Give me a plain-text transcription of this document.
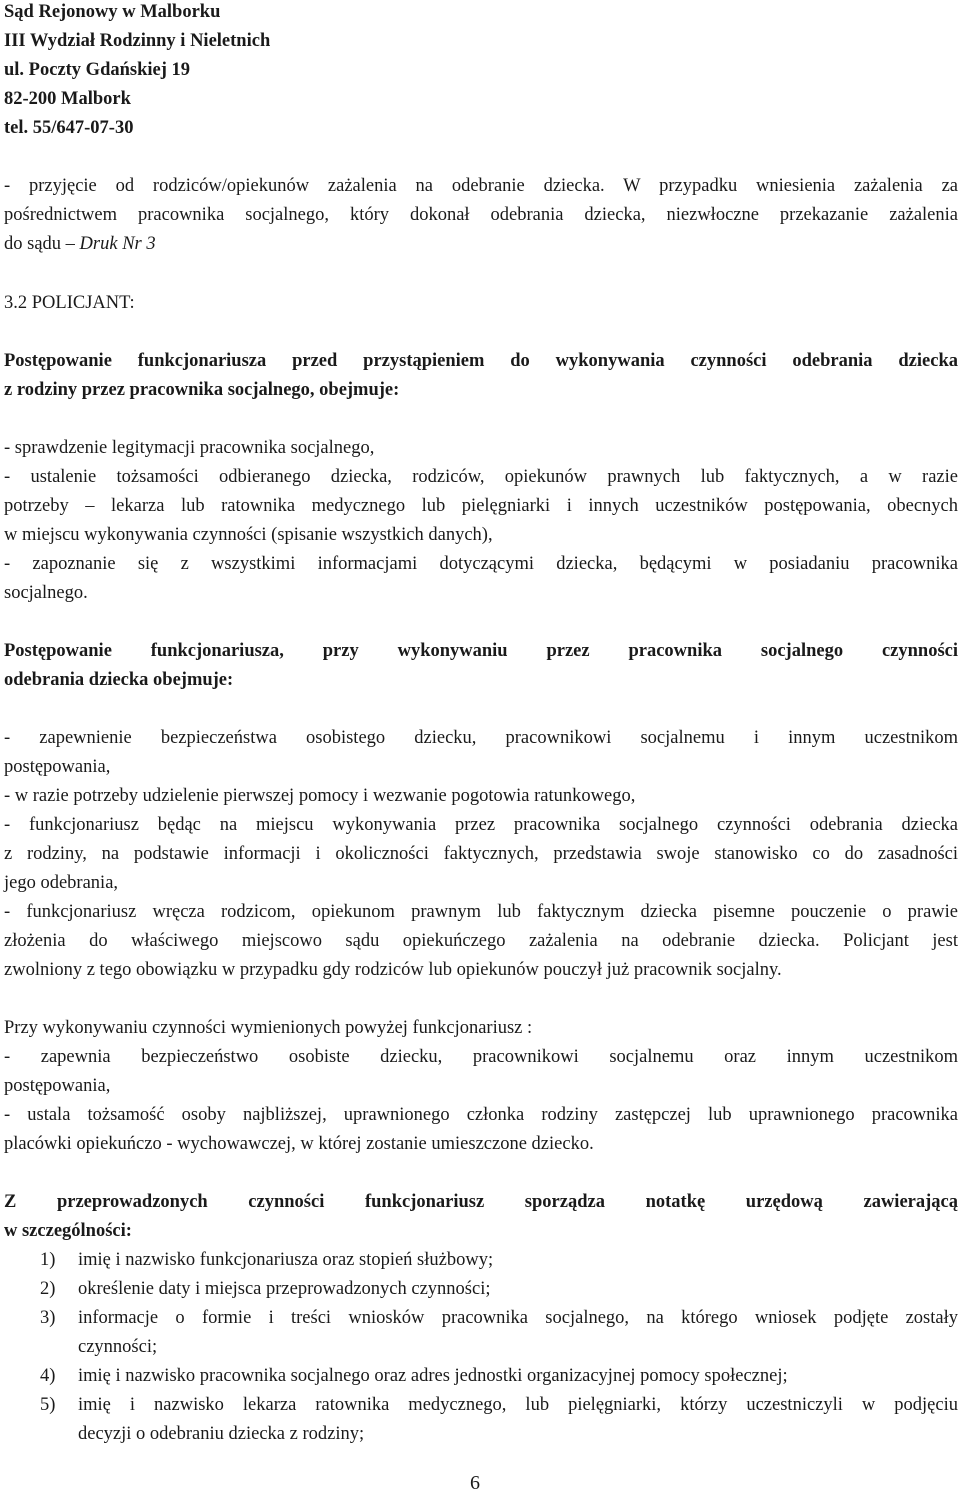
Sąd Rejonowy w Malborku
III Wydział Rodzinny i Nieletnich
ul. Poczty Gdańskiej 19
82-200 Malbork
tel. 55/647-07-30
- przyjęcie od rodziców/opiekunów zażalenia na odebranie dziecka. W przypadku wniesienia zażalenia za
pośrednictwem pracownika socjalnego, który dokonał odebrania dziecka, niezwłoczne przekazanie zażalenia
do sądu – Druk Nr 3
3.2 POLICJANT:
Postępowanie funkcjonariusza przed przystąpieniem do wykonywania czynności odebrania dziecka
z rodziny przez pracownika socjalnego, obejmuje:
- sprawdzenie legitymacji pracownika socjalnego,
- ustalenie tożsamości odbieranego dziecka, rodziców, opiekunów prawnych lub faktycznych, a w razie
potrzeby – lekarza lub ratownika medycznego lub pielęgniarki i innych uczestników postępowania, obecnych
w miejscu wykonywania czynności (spisanie wszystkich danych),
- zapoznanie się z wszystkimi informacjami dotyczącymi dziecka, będącymi w posiadaniu pracownika
socjalnego.
Postępowanie funkcjonariusza, przy wykonywaniu przez pracownika socjalnego czynności
odebrania dziecka obejmuje:
- zapewnienie bezpieczeństwa osobistego dziecku, pracownikowi socjalnemu i innym uczestnikom
postępowania,
- w razie potrzeby udzielenie pierwszej pomocy i wezwanie pogotowia ratunkowego,
- funkcjonariusz będąc na miejscu wykonywania przez pracownika socjalnego czynności odebrania dziecka
z rodziny, na podstawie informacji i okoliczności faktycznych, przedstawia swoje stanowisko co do zasadności
jego odebrania,
- funkcjonariusz wręcza rodzicom, opiekunom prawnym lub faktycznym dziecka pisemne pouczenie o prawie
złożenia do właściwego miejscowo sądu opiekuńczego zażalenia na odebranie dziecka. Policjant jest
zwolniony z tego obowiązku w przypadku gdy rodziców lub opiekunów pouczył już pracownik socjalny.
Przy wykonywaniu czynności wymienionych powyżej funkcjonariusz :
- zapewnia bezpieczeństwo osobiste dziecku, pracownikowi socjalnemu oraz innym uczestnikom
postępowania,
- ustala tożsamość osoby najbliższej, uprawnionego członka rodziny zastępczej lub uprawnionego pracownika
placówki opiekuńczo - wychowawczej, w której zostanie umieszczone dziecko.
Z przeprowadzonych czynności funkcjonariusz sporządza notatkę urzędową zawierającą
w szczególności:
1) imię i nazwisko funkcjonariusza oraz stopień służbowy;
2) określenie daty i miejsca przeprowadzonych czynności;
3) informacje o formie i treści wniosków pracownika socjalnego, na którego wniosek podjęte zostały
czynności;
4) imię i nazwisko pracownika socjalnego oraz adres jednostki organizacyjnej pomocy społecznej;
5) imię i nazwisko lekarza ratownika medycznego, lub pielęgniarki, którzy uczestniczyli w podjęciu
decyzji o odebraniu dziecka z rodziny;
6
